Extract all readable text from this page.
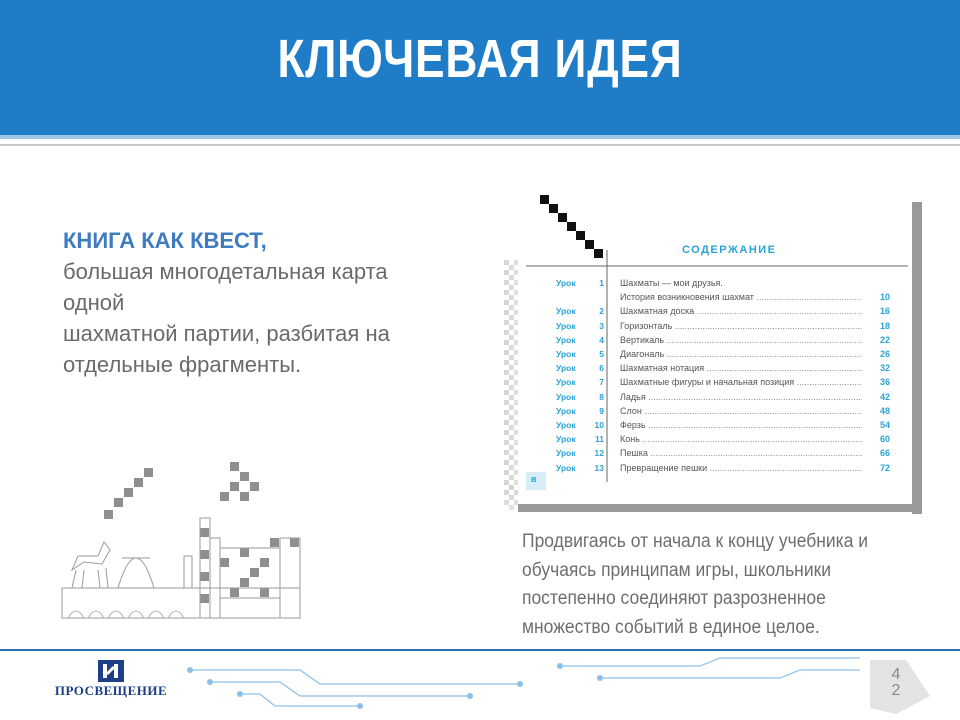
КЛЮЧЕВАЯ ИДЕЯ
КНИГА КАК КВЕСТ,
большая многодетальная карта
одной
шахматной партии, разбитая на
отдельные фрагменты.
СОДЕРЖАНИЕ
в
Урок	1 Шахматы — мои друзья.
История возникновения шахмат .....	10
Урок	2 Шахматная доска .....	16
Урок	3 Горизонталь .....	18
Урок	4 Вертикаль .....	22
Урок	5 Диагональ .....	26
Урок	6 Шахматная нотация .....	32
Урок	7 Шахматные фигуры и начальная позиция .....	36
Урок	8 Ладья .....	42
Урок	9 Слон .....	48
Урок	10 Ферзь .....	54
Урок	11 Конь .....	60
Урок	12 Пешка .....	66
Урок	13 Превращение пешки .....	72
Продвигаясь от начала к концу учебника и
обучаясь принципам игры, школьники
постепенно соединяют разрозненное
множество событий в единое целое.
ПРОСВЕЩЕНИЕ
4
2
